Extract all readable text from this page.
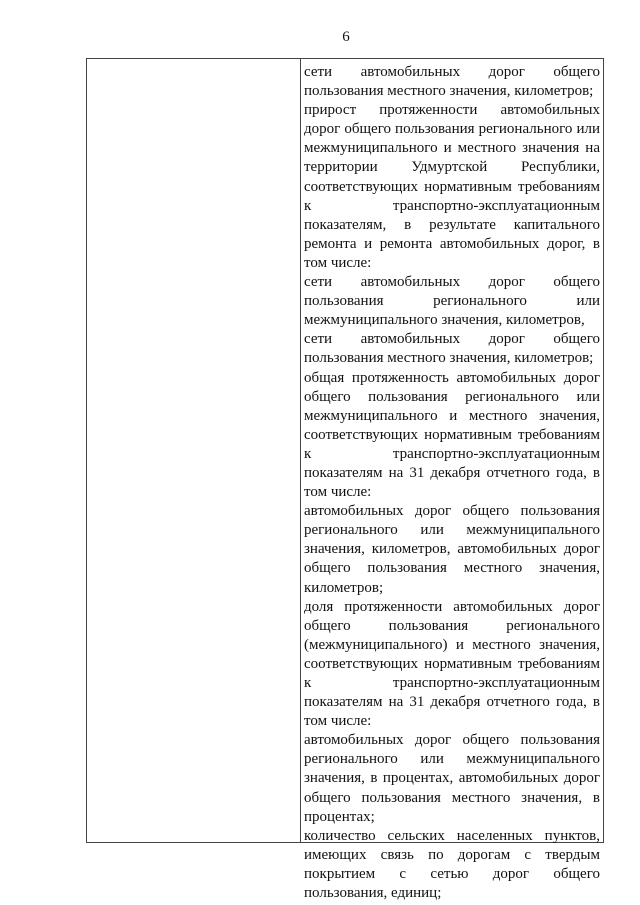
6

сети автомобильных дорог общего пользования местного значения, километров;

прирост протяженности автомобильных дорог общего пользования регионального или межмуниципального и местного значения на территории Удмуртской Республики, соответствующих нормативным требованиям к транспортно-эксплуатационным показателям, в результате капитального ремонта и ремонта автомобильных дорог, в том числе:

сети автомобильных дорог общего пользования регионального или межмуниципального значения, километров,

сети автомобильных дорог общего пользования местного значения, километров;

общая протяженность автомобильных дорог общего пользования регионального или межмуниципального и местного значения, соответствующих нормативным требованиям к транспортно-эксплуатационным показателям на 31 декабря отчетного года, в том числе:

автомобильных дорог общего пользования регионального или межмуниципального значения, километров, автомобильных дорог общего пользования местного значения, километров;

доля протяженности автомобильных дорог общего пользования регионального (межмуниципального) и местного значения, соответствующих нормативным требованиям к транспортно-эксплуатационным показателям на 31 декабря отчетного года, в том числе:

автомобильных дорог общего пользования регионального или межмуниципального значения, в процентах, автомобильных дорог общего пользования местного значения, в процентах;

количество сельских населенных пунктов, имеющих связь по дорогам с твердым покрытием с сетью дорог общего пользования, единиц;
